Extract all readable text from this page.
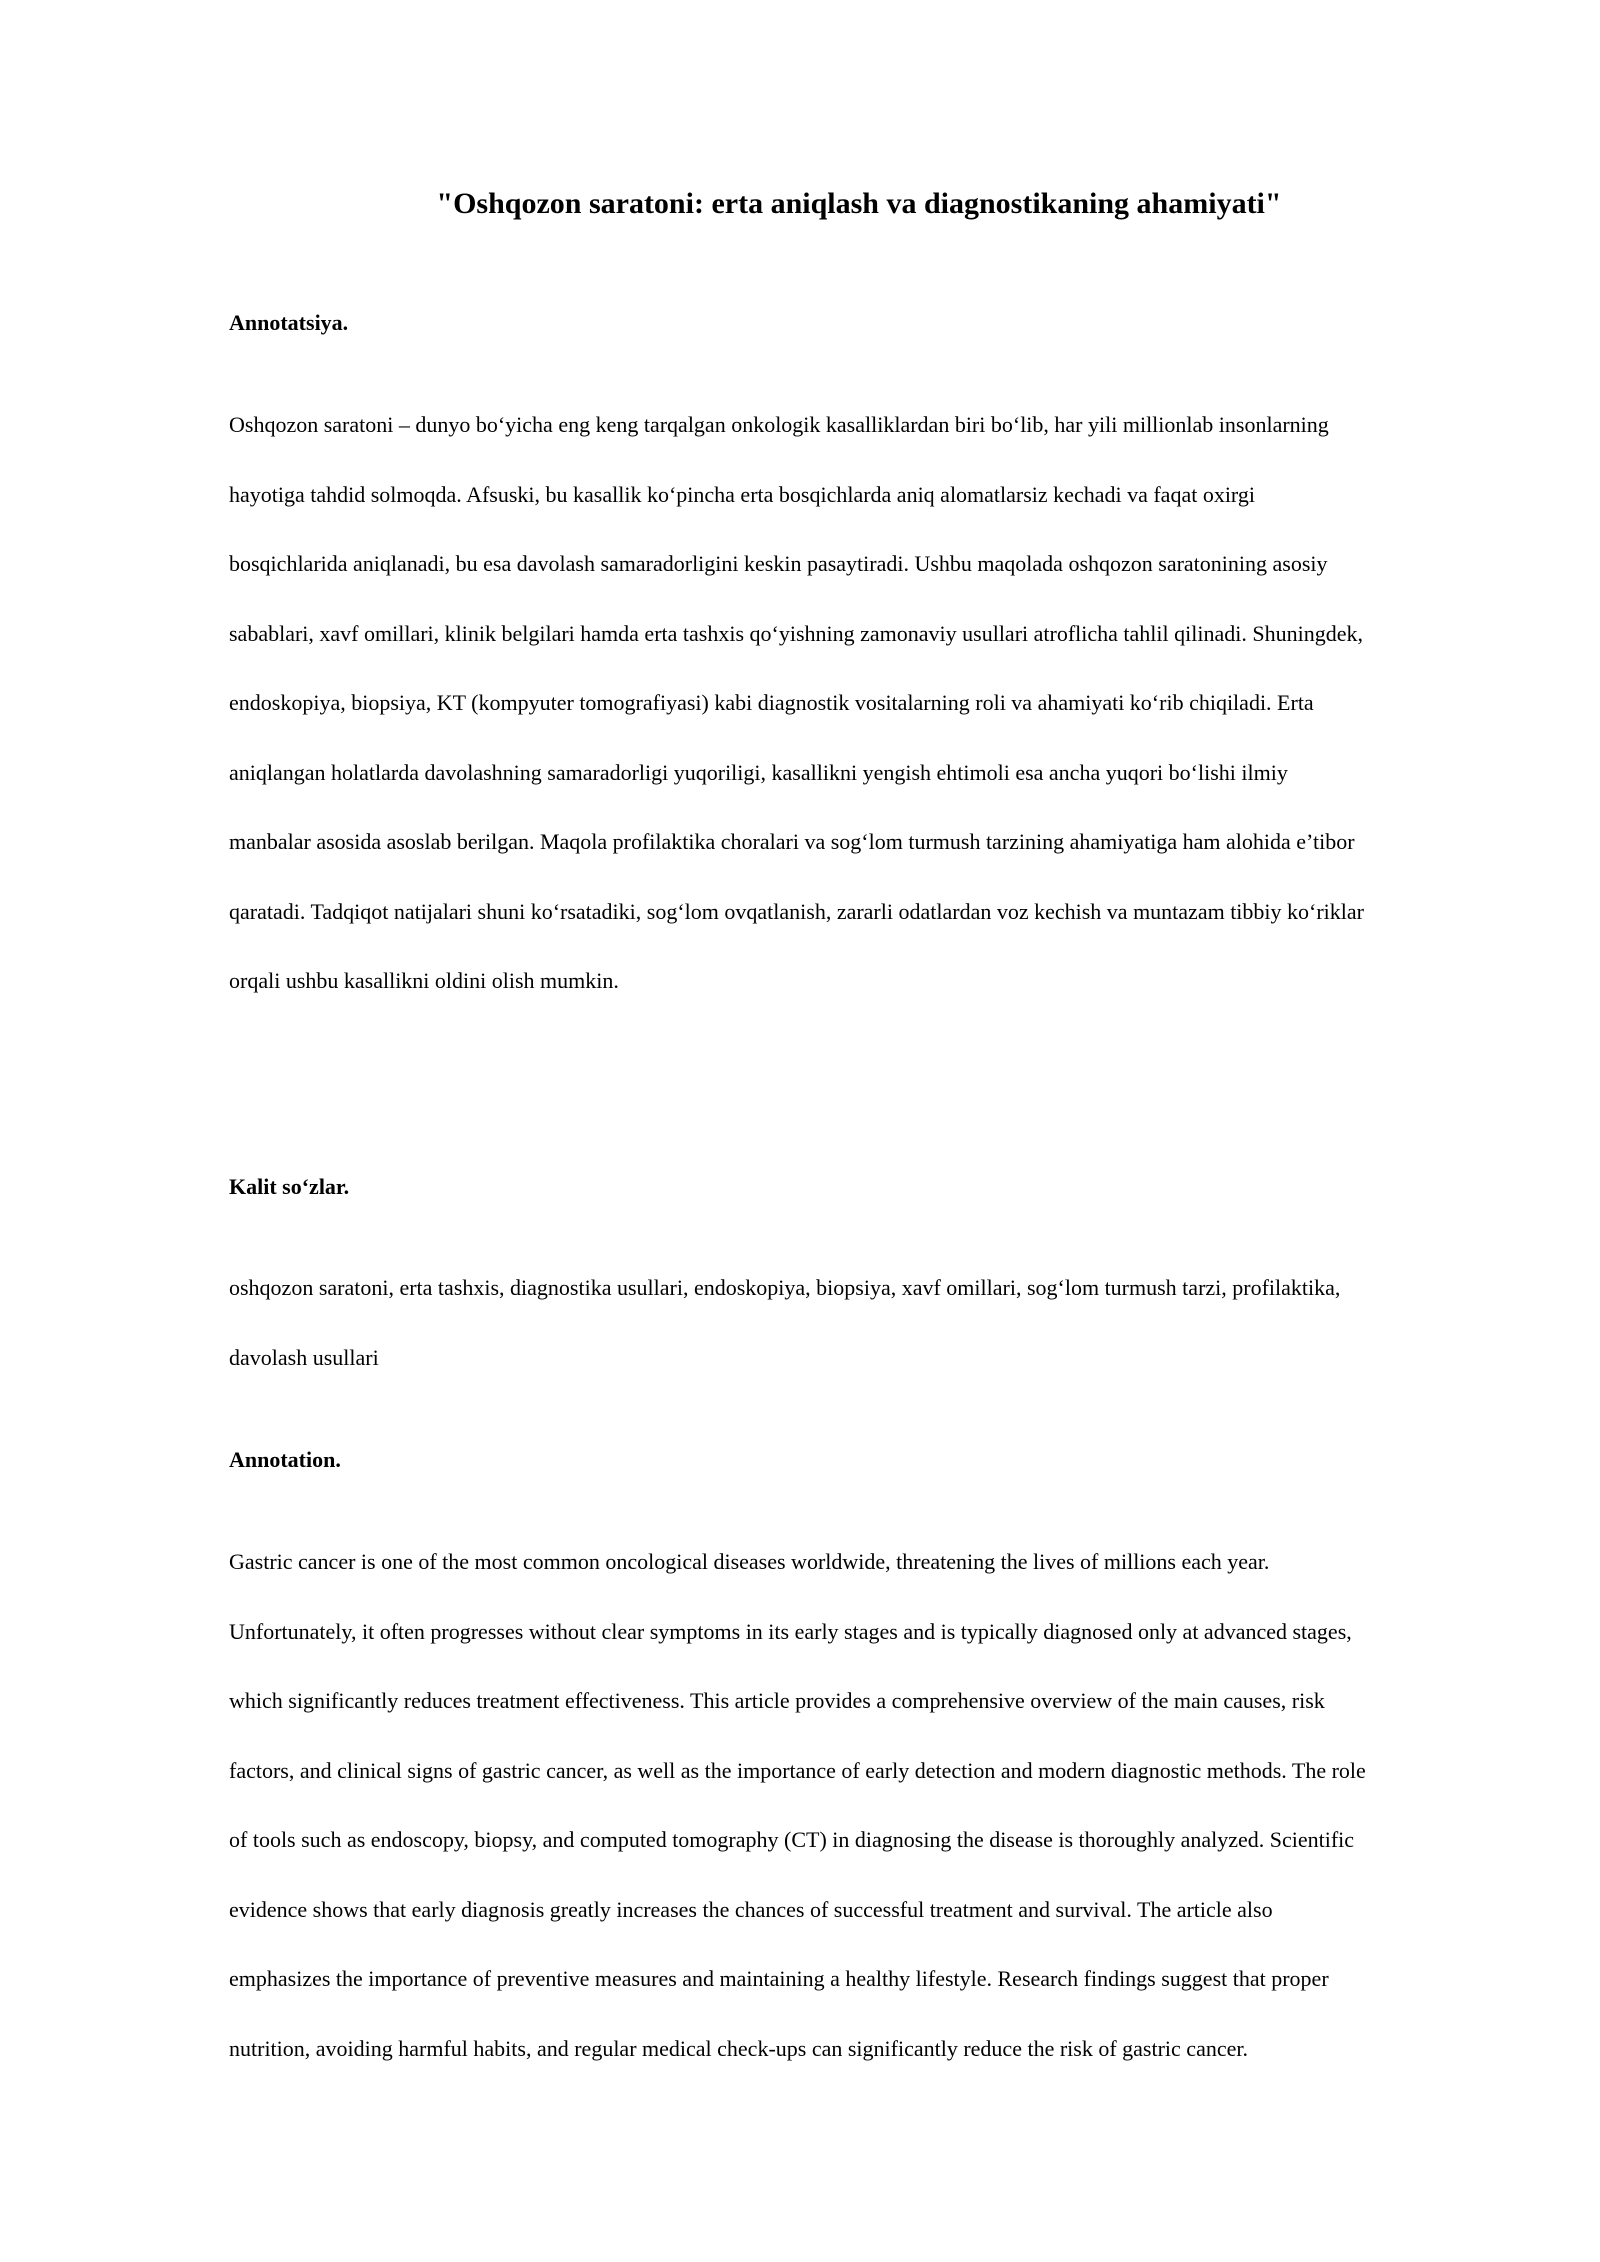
"Oshqozon saratoni: erta aniqlash va diagnostikaning ahamiyati"
Annotatsiya.
Oshqozon saratoni – dunyo bo‘yicha eng keng tarqalgan onkologik kasalliklardan biri bo‘lib, har yili millionlab insonlarning
hayotiga tahdid solmoqda. Afsuski, bu kasallik ko‘pincha erta bosqichlarda aniq alomatlarsiz kechadi va faqat oxirgi
bosqichlarida aniqlanadi, bu esa davolash samaradorligini keskin pasaytiradi. Ushbu maqolada oshqozon saratonining asosiy
sabablari, xavf omillari, klinik belgilari hamda erta tashxis qo‘yishning zamonaviy usullari atroflicha tahlil qilinadi. Shuningdek,
endoskopiya, biopsiya, KT (kompyuter tomografiyasi) kabi diagnostik vositalarning roli va ahamiyati ko‘rib chiqiladi. Erta
aniqlangan holatlarda davolashning samaradorligi yuqoriligi, kasallikni yengish ehtimoli esa ancha yuqori bo‘lishi ilmiy
manbalar asosida asoslab berilgan. Maqola profilaktika choralari va sog‘lom turmush tarzining ahamiyatiga ham alohida e’tibor
qaratadi. Tadqiqot natijalari shuni ko‘rsatadiki, sog‘lom ovqatlanish, zararli odatlardan voz kechish va muntazam tibbiy ko‘riklar
orqali ushbu kasallikni oldini olish mumkin.
Kalit so‘zlar.
oshqozon saratoni, erta tashxis, diagnostika usullari, endoskopiya, biopsiya, xavf omillari, sog‘lom turmush tarzi, profilaktika,
davolash usullari
Annotation.
Gastric cancer is one of the most common oncological diseases worldwide, threatening the lives of millions each year.
Unfortunately, it often progresses without clear symptoms in its early stages and is typically diagnosed only at advanced stages,
which significantly reduces treatment effectiveness. This article provides a comprehensive overview of the main causes, risk
factors, and clinical signs of gastric cancer, as well as the importance of early detection and modern diagnostic methods. The role
of tools such as endoscopy, biopsy, and computed tomography (CT) in diagnosing the disease is thoroughly analyzed. Scientific
evidence shows that early diagnosis greatly increases the chances of successful treatment and survival. The article also
emphasizes the importance of preventive measures and maintaining a healthy lifestyle. Research findings suggest that proper
nutrition, avoiding harmful habits, and regular medical check-ups can significantly reduce the risk of gastric cancer.
